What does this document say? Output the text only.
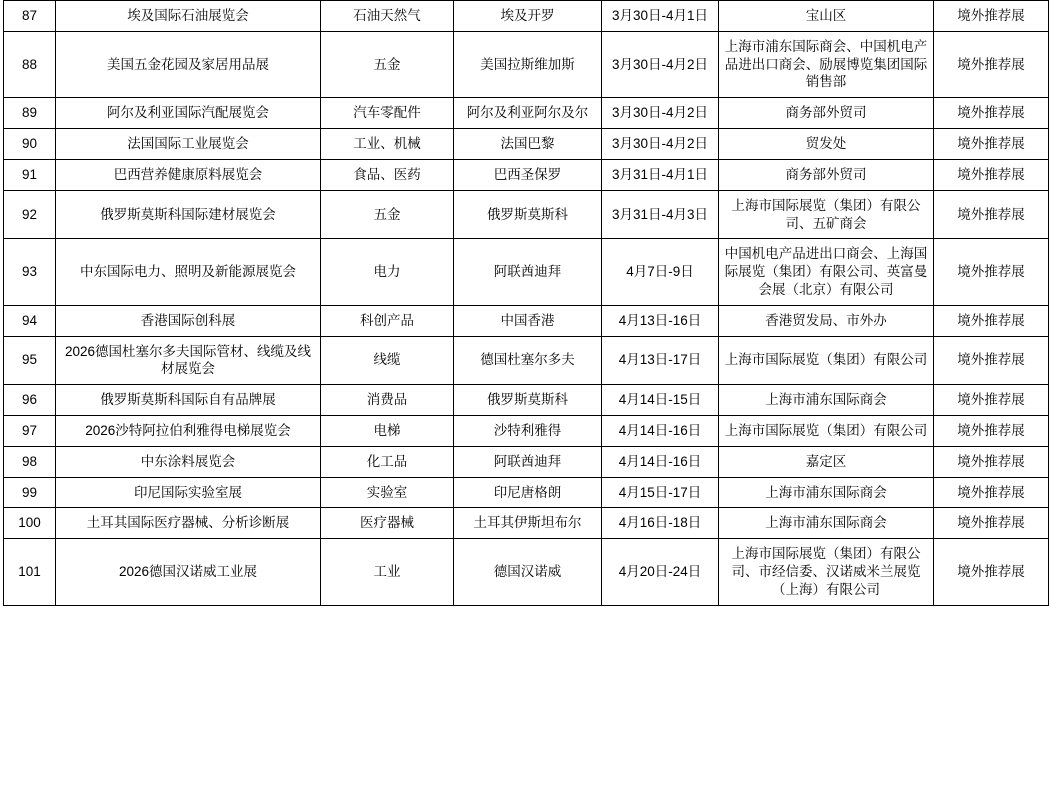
87	埃及国际石油展览会	石油天然气	埃及开罗	3月30日-4月1日	宝山区	境外推荐展
88	美国五金花园及家居用品展	五金	美国拉斯维加斯	3月30日-4月2日	上海市浦东国际商会、中国机电产品进出口商会、励展博览集团国际销售部	境外推荐展
89	阿尔及利亚国际汽配展览会	汽车零配件	阿尔及利亚阿尔及尔	3月30日-4月2日	商务部外贸司	境外推荐展
90	法国国际工业展览会	工业、机械	法国巴黎	3月30日-4月2日	贸发处	境外推荐展
91	巴西营养健康原料展览会	食品、医药	巴西圣保罗	3月31日-4月1日	商务部外贸司	境外推荐展
92	俄罗斯莫斯科国际建材展览会	五金	俄罗斯莫斯科	3月31日-4月3日	上海市国际展览（集团）有限公司、五矿商会	境外推荐展
93	中东国际电力、照明及新能源展览会	电力	阿联酋迪拜	4月7日-9日	中国机电产品进出口商会、上海国际展览（集团）有限公司、英富曼会展（北京）有限公司	境外推荐展
94	香港国际创科展	科创产品	中国香港	4月13日-16日	香港贸发局、市外办	境外推荐展
95	2026德国杜塞尔多夫国际管材、线缆及线材展览会	线缆	德国杜塞尔多夫	4月13日-17日	上海市国际展览（集团）有限公司	境外推荐展
96	俄罗斯莫斯科国际自有品牌展	消费品	俄罗斯莫斯科	4月14日-15日	上海市浦东国际商会	境外推荐展
97	2026沙特阿拉伯利雅得电梯展览会	电梯	沙特利雅得	4月14日-16日	上海市国际展览（集团）有限公司	境外推荐展
98	中东涂料展览会	化工品	阿联酋迪拜	4月14日-16日	嘉定区	境外推荐展
99	印尼国际实验室展	实验室	印尼唐格朗	4月15日-17日	上海市浦东国际商会	境外推荐展
100	土耳其国际医疗器械、分析诊断展	医疗器械	土耳其伊斯坦布尔	4月16日-18日	上海市浦东国际商会	境外推荐展
101	2026德国汉诺威工业展	工业	德国汉诺威	4月20日-24日	上海市国际展览（集团）有限公司、市经信委、汉诺威米兰展览（上海）有限公司	境外推荐展
